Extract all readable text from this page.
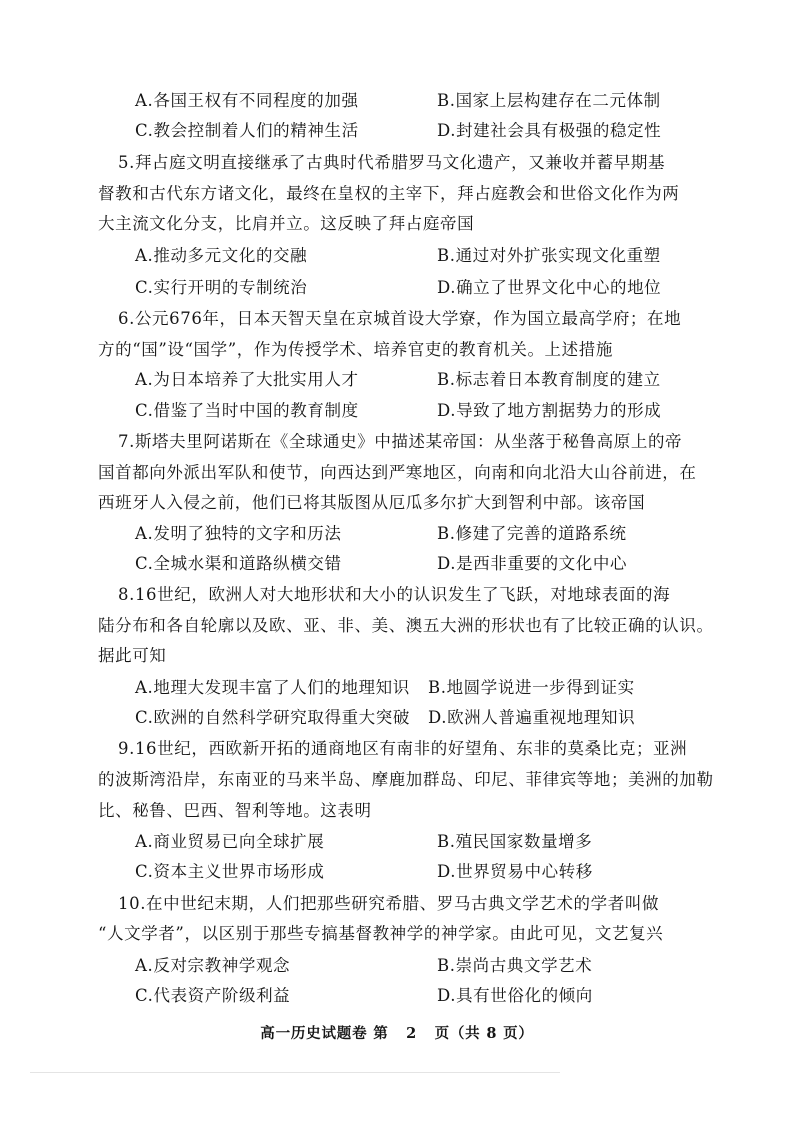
A.各国王权有不同程度的加强	B.国家上层构建存在二元体制
C.教会控制着人们的精神生活	D.封建社会具有极强的稳定性
5.拜占庭文明直接继承了古典时代希腊罗马文化遗产，又兼收并蓄早期基
督教和古代东方诸文化，最终在皇权的主宰下，拜占庭教会和世俗文化作为两
大主流文化分支，比肩并立。这反映了拜占庭帝国
A.推动多元文化的交融	B.通过对外扩张实现文化重塑
C.实行开明的专制统治	D.确立了世界文化中心的地位
6.公元676年，日本天智天皇在京城首设大学寮，作为国立最高学府；在地
方的“国”设“国学”，作为传授学术、培养官吏的教育机关。上述措施
A.为日本培养了大批实用人才	B.标志着日本教育制度的建立
C.借鉴了当时中国的教育制度	D.导致了地方割据势力的形成
7.斯塔夫里阿诺斯在《全球通史》中描述某帝国：从坐落于秘鲁高原上的帝
国首都向外派出军队和使节，向西达到严寒地区，向南和向北沿大山谷前进，在
西班牙人入侵之前，他们已将其版图从厄瓜多尔扩大到智利中部。该帝国
A.发明了独特的文字和历法	B.修建了完善的道路系统
C.全城水渠和道路纵横交错	D.是西非重要的文化中心
8.16世纪，欧洲人对大地形状和大小的认识发生了飞跃，对地球表面的海
陆分布和各自轮廓以及欧、亚、非、美、澳五大洲的形状也有了比较正确的认识。
据此可知
A.地理大发现丰富了人们的地理知识 B.地圆学说进一步得到证实
C.欧洲的自然科学研究取得重大突破 D.欧洲人普遍重视地理知识
9.16世纪，西欧新开拓的通商地区有南非的好望角、东非的莫桑比克；亚洲
的波斯湾沿岸，东南亚的马来半岛、摩鹿加群岛、印尼、菲律宾等地；美洲的加勒
比、秘鲁、巴西、智利等地。这表明
A.商业贸易已向全球扩展	B.殖民国家数量增多
C.资本主义世界市场形成	D.世界贸易中心转移
10.在中世纪末期，人们把那些研究希腊、罗马古典文学艺术的学者叫做
“人文学者”，以区别于那些专搞基督教神学的神学家。由此可见，文艺复兴
A.反对宗教神学观念	B.崇尚古典文学艺术
C.代表资产阶级利益	D.具有世俗化的倾向
高一历史试题卷 第 2 页（共 8 页）
